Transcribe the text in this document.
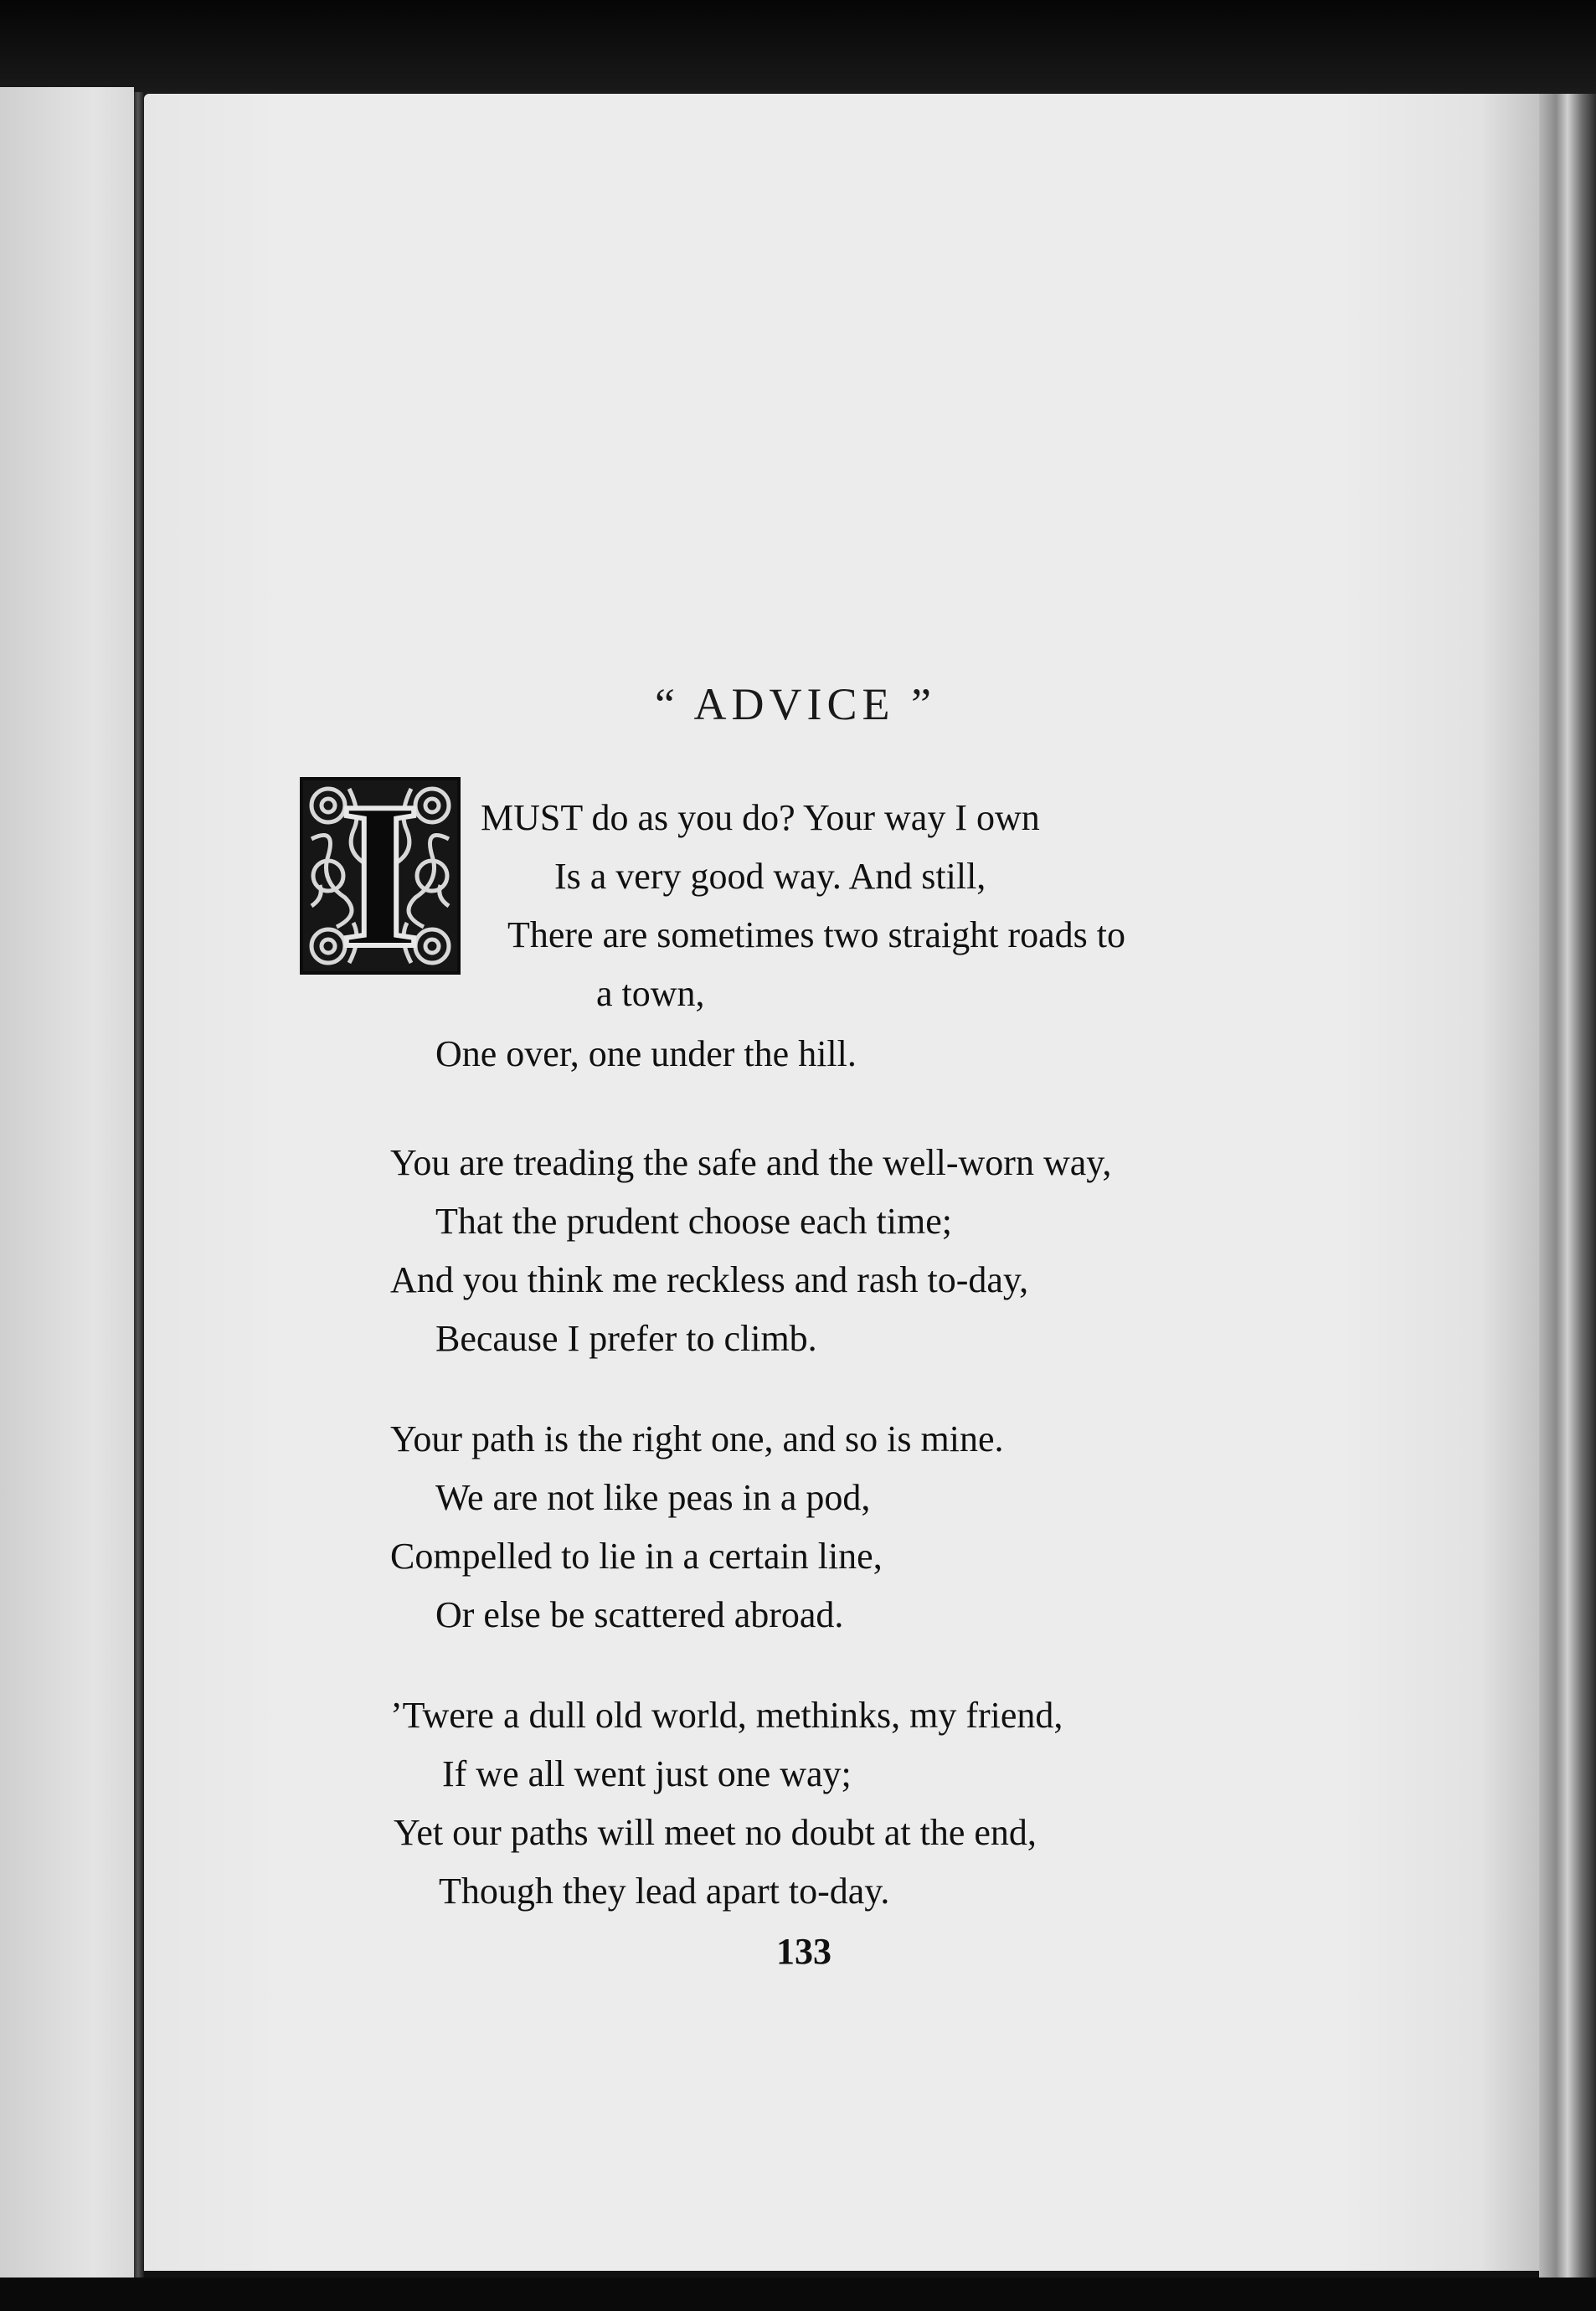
“ ADVICE ”
I	MUST do as you do? Your way I own

Is a very good way. And still,

There are sometimes two straight roads to

a town,

One over, one under the hill.

You are treading the safe and the well-worn way,

That the prudent choose each time;

And you think me reckless and rash to-day,

Because I prefer to climb.

Your path is the right one, and so is mine.

We are not like peas in a pod,

Compelled to lie in a certain line,

Or else be scattered abroad.

’Twere a dull old world, methinks, my friend,

If we all went just one way;

Yet our paths will meet no doubt at the end,

Though they lead apart to-day.

133
